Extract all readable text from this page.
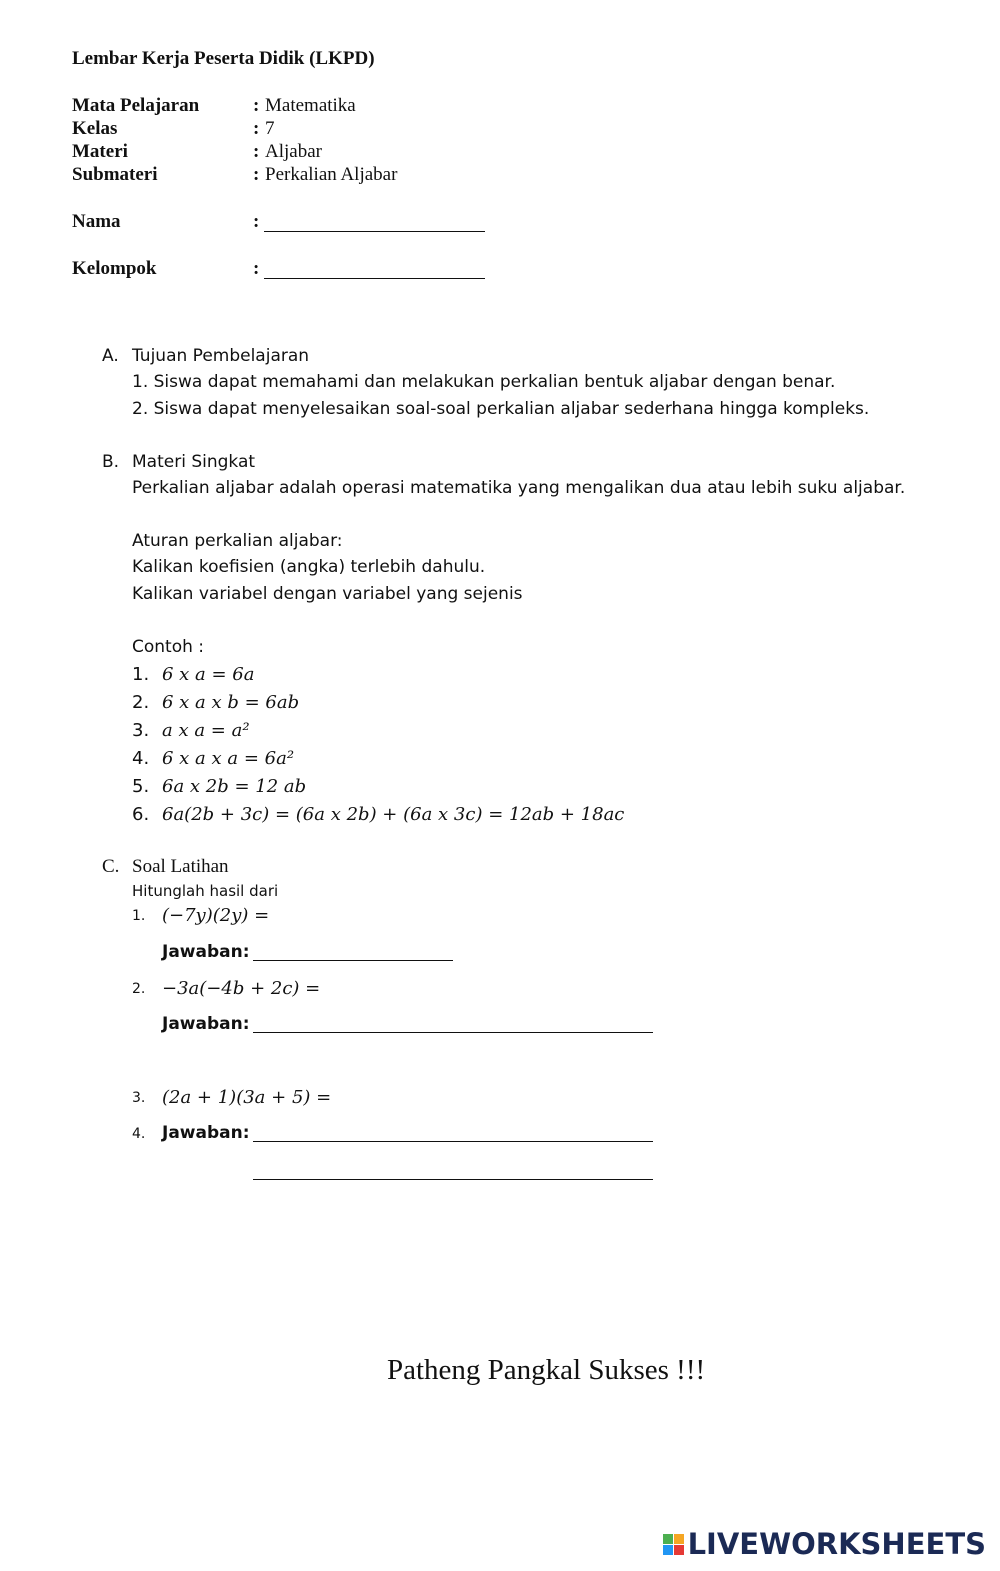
Lembar Kerja Peserta Didik (LKPD)
Mata Pelajaran	: Matematika
Kelas	: 7
Materi	: Aljabar
Submateri	: Perkalian Aljabar
Nama	:
Kelompok	:
A. Tujuan Pembelajaran
1. Siswa dapat memahami dan melakukan perkalian bentuk aljabar dengan benar.
2. Siswa dapat menyelesaikan soal-soal perkalian aljabar sederhana hingga kompleks.
B. Materi Singkat
Perkalian aljabar adalah operasi matematika yang mengalikan dua atau lebih suku aljabar.
Aturan perkalian aljabar:
Kalikan koefisien (angka) terlebih dahulu.
Kalikan variabel dengan variabel yang sejenis
Contoh :
1. 6 x a = 6a
2. 6 x a x b = 6ab
3. a x a = a²
4. 6 x a x a = 6a²
5. 6a x 2b = 12 ab
6. 6a(2b + 3c) = (6a x 2b) + (6a x 3c) = 12ab + 18ac
C. Soal Latihan
Hitunglah hasil dari
1. (−7y)(2y) =
Jawaban:
2. −3a(−4b + 2c) =
Jawaban:
3. (2a + 1)(3a + 5) =
4. Jawaban:
Patheng Pangkal Sukses !!!
LIVEWORKSHEETS
